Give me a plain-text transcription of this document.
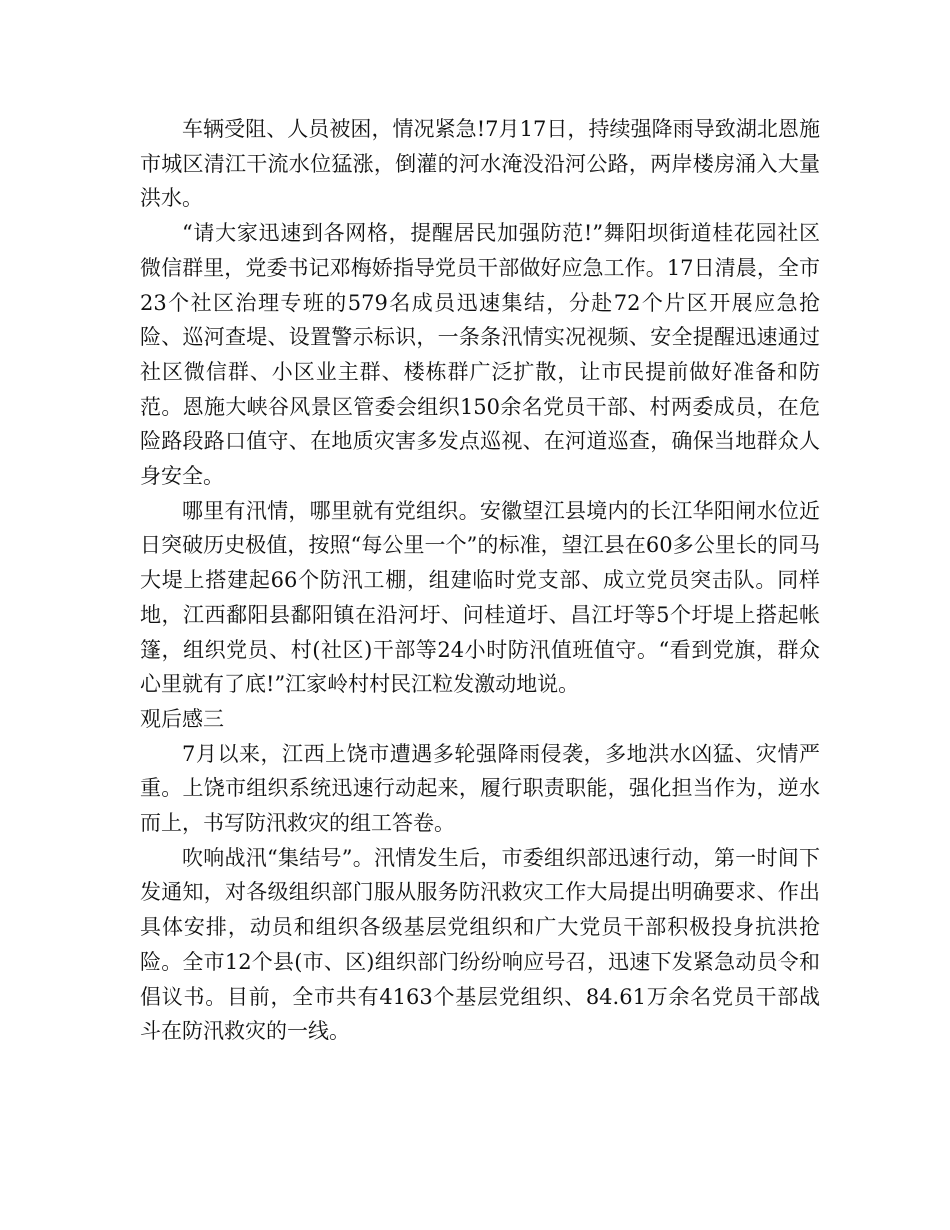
车辆受阻、人员被困，情况紧急!7月17日，持续强降雨导致湖北恩施市城区清江干流水位猛涨，倒灌的河水淹没沿河公路，两岸楼房涌入大量洪水。

“请大家迅速到各网格，提醒居民加强防范!”舞阳坝街道桂花园社区微信群里，党委书记邓梅娇指导党员干部做好应急工作。17日清晨，全市23个社区治理专班的579名成员迅速集结，分赴72个片区开展应急抢险、巡河查堤、设置警示标识，一条条汛情实况视频、安全提醒迅速通过社区微信群、小区业主群、楼栋群广泛扩散，让市民提前做好准备和防范。恩施大峡谷风景区管委会组织150余名党员干部、村两委成员，在危险路段路口值守、在地质灾害多发点巡视、在河道巡查，确保当地群众人身安全。

哪里有汛情，哪里就有党组织。安徽望江县境内的长江华阳闸水位近日突破历史极值，按照“每公里一个”的标准，望江县在60多公里长的同马大堤上搭建起66个防汛工棚，组建临时党支部、成立党员突击队。同样地，江西鄱阳县鄱阳镇在沿河圩、问桂道圩、昌江圩等5个圩堤上搭起帐篷，组织党员、村(社区)干部等24小时防汛值班值守。“看到党旗，群众心里就有了底!”江家岭村村民江粒发激动地说。

观后感三

7月以来，江西上饶市遭遇多轮强降雨侵袭，多地洪水凶猛、灾情严重。上饶市组织系统迅速行动起来，履行职责职能，强化担当作为，逆水而上，书写防汛救灾的组工答卷。

吹响战汛“集结号”。汛情发生后，市委组织部迅速行动，第一时间下发通知，对各级组织部门服从服务防汛救灾工作大局提出明确要求、作出具体安排，动员和组织各级基层党组织和广大党员干部积极投身抗洪抢险。全市12个县(市、区)组织部门纷纷响应号召，迅速下发紧急动员令和倡议书。目前，全市共有4163个基层党组织、84.61万余名党员干部战斗在防汛救灾的一线。
